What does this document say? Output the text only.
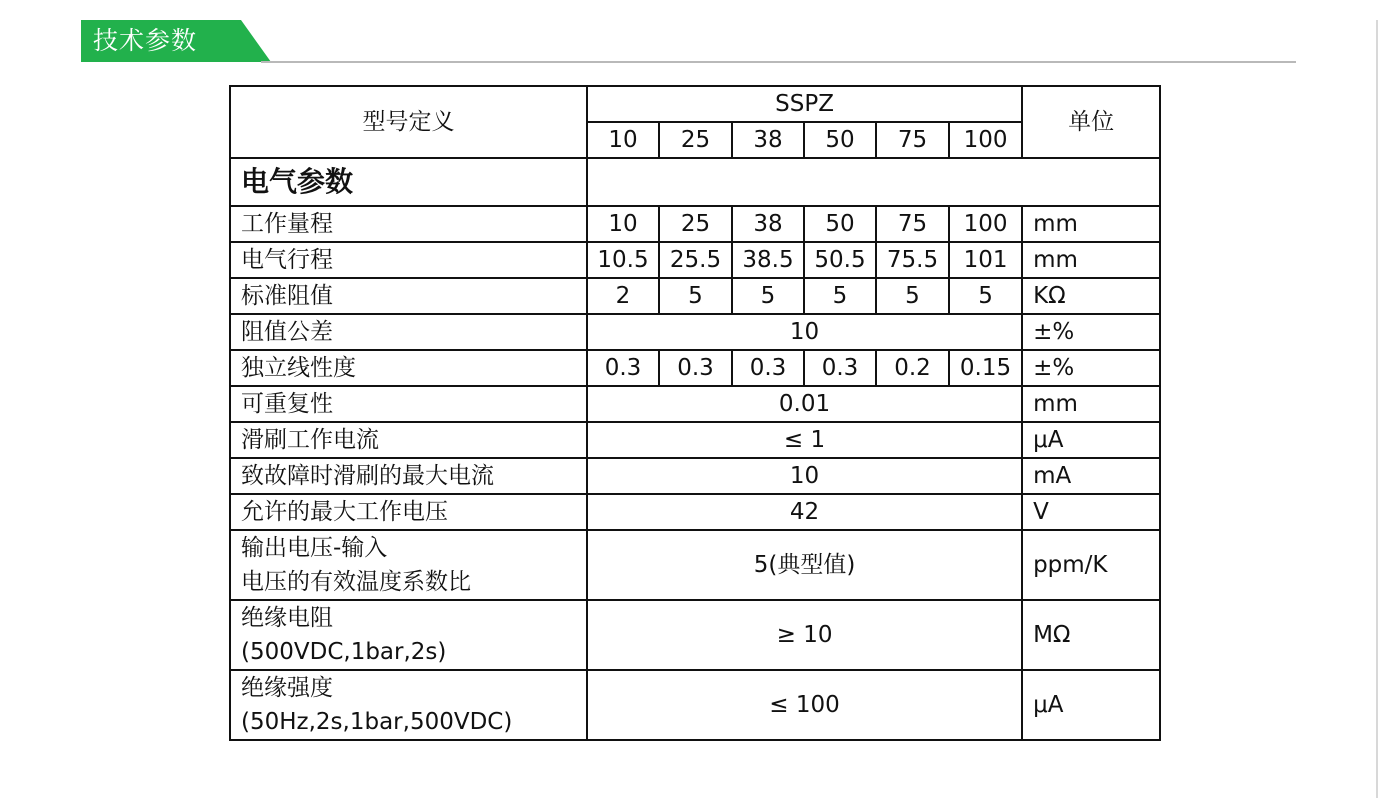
技术参数
型号定义	SSPZ						单位
	10	25	38	50	75	100	
电气参数							
工作量程	10	25	38	50	75	100	mm
电气行程	10.5	25.5	38.5	50.5	75.5	101	mm
标准阻值	2	5	5	5	5	5	KΩ
阻值公差	10						±%
独立线性度	0.3	0.3	0.3	0.3	0.2	0.15	±%
可重复性	0.01						mm
滑刷工作电流	≤ 1						μA
致故障时滑刷的最大电流	10						mA
允许的最大工作电压	42						V

输出电压-输入
电压的有效温度系数比	5(典型值)						ppm/K

绝缘电阻
(500VDC,1bar,2s)	≥ 10						MΩ

绝缘强度
(50Hz,2s,1bar,500VDC)	≤ 100						μA
